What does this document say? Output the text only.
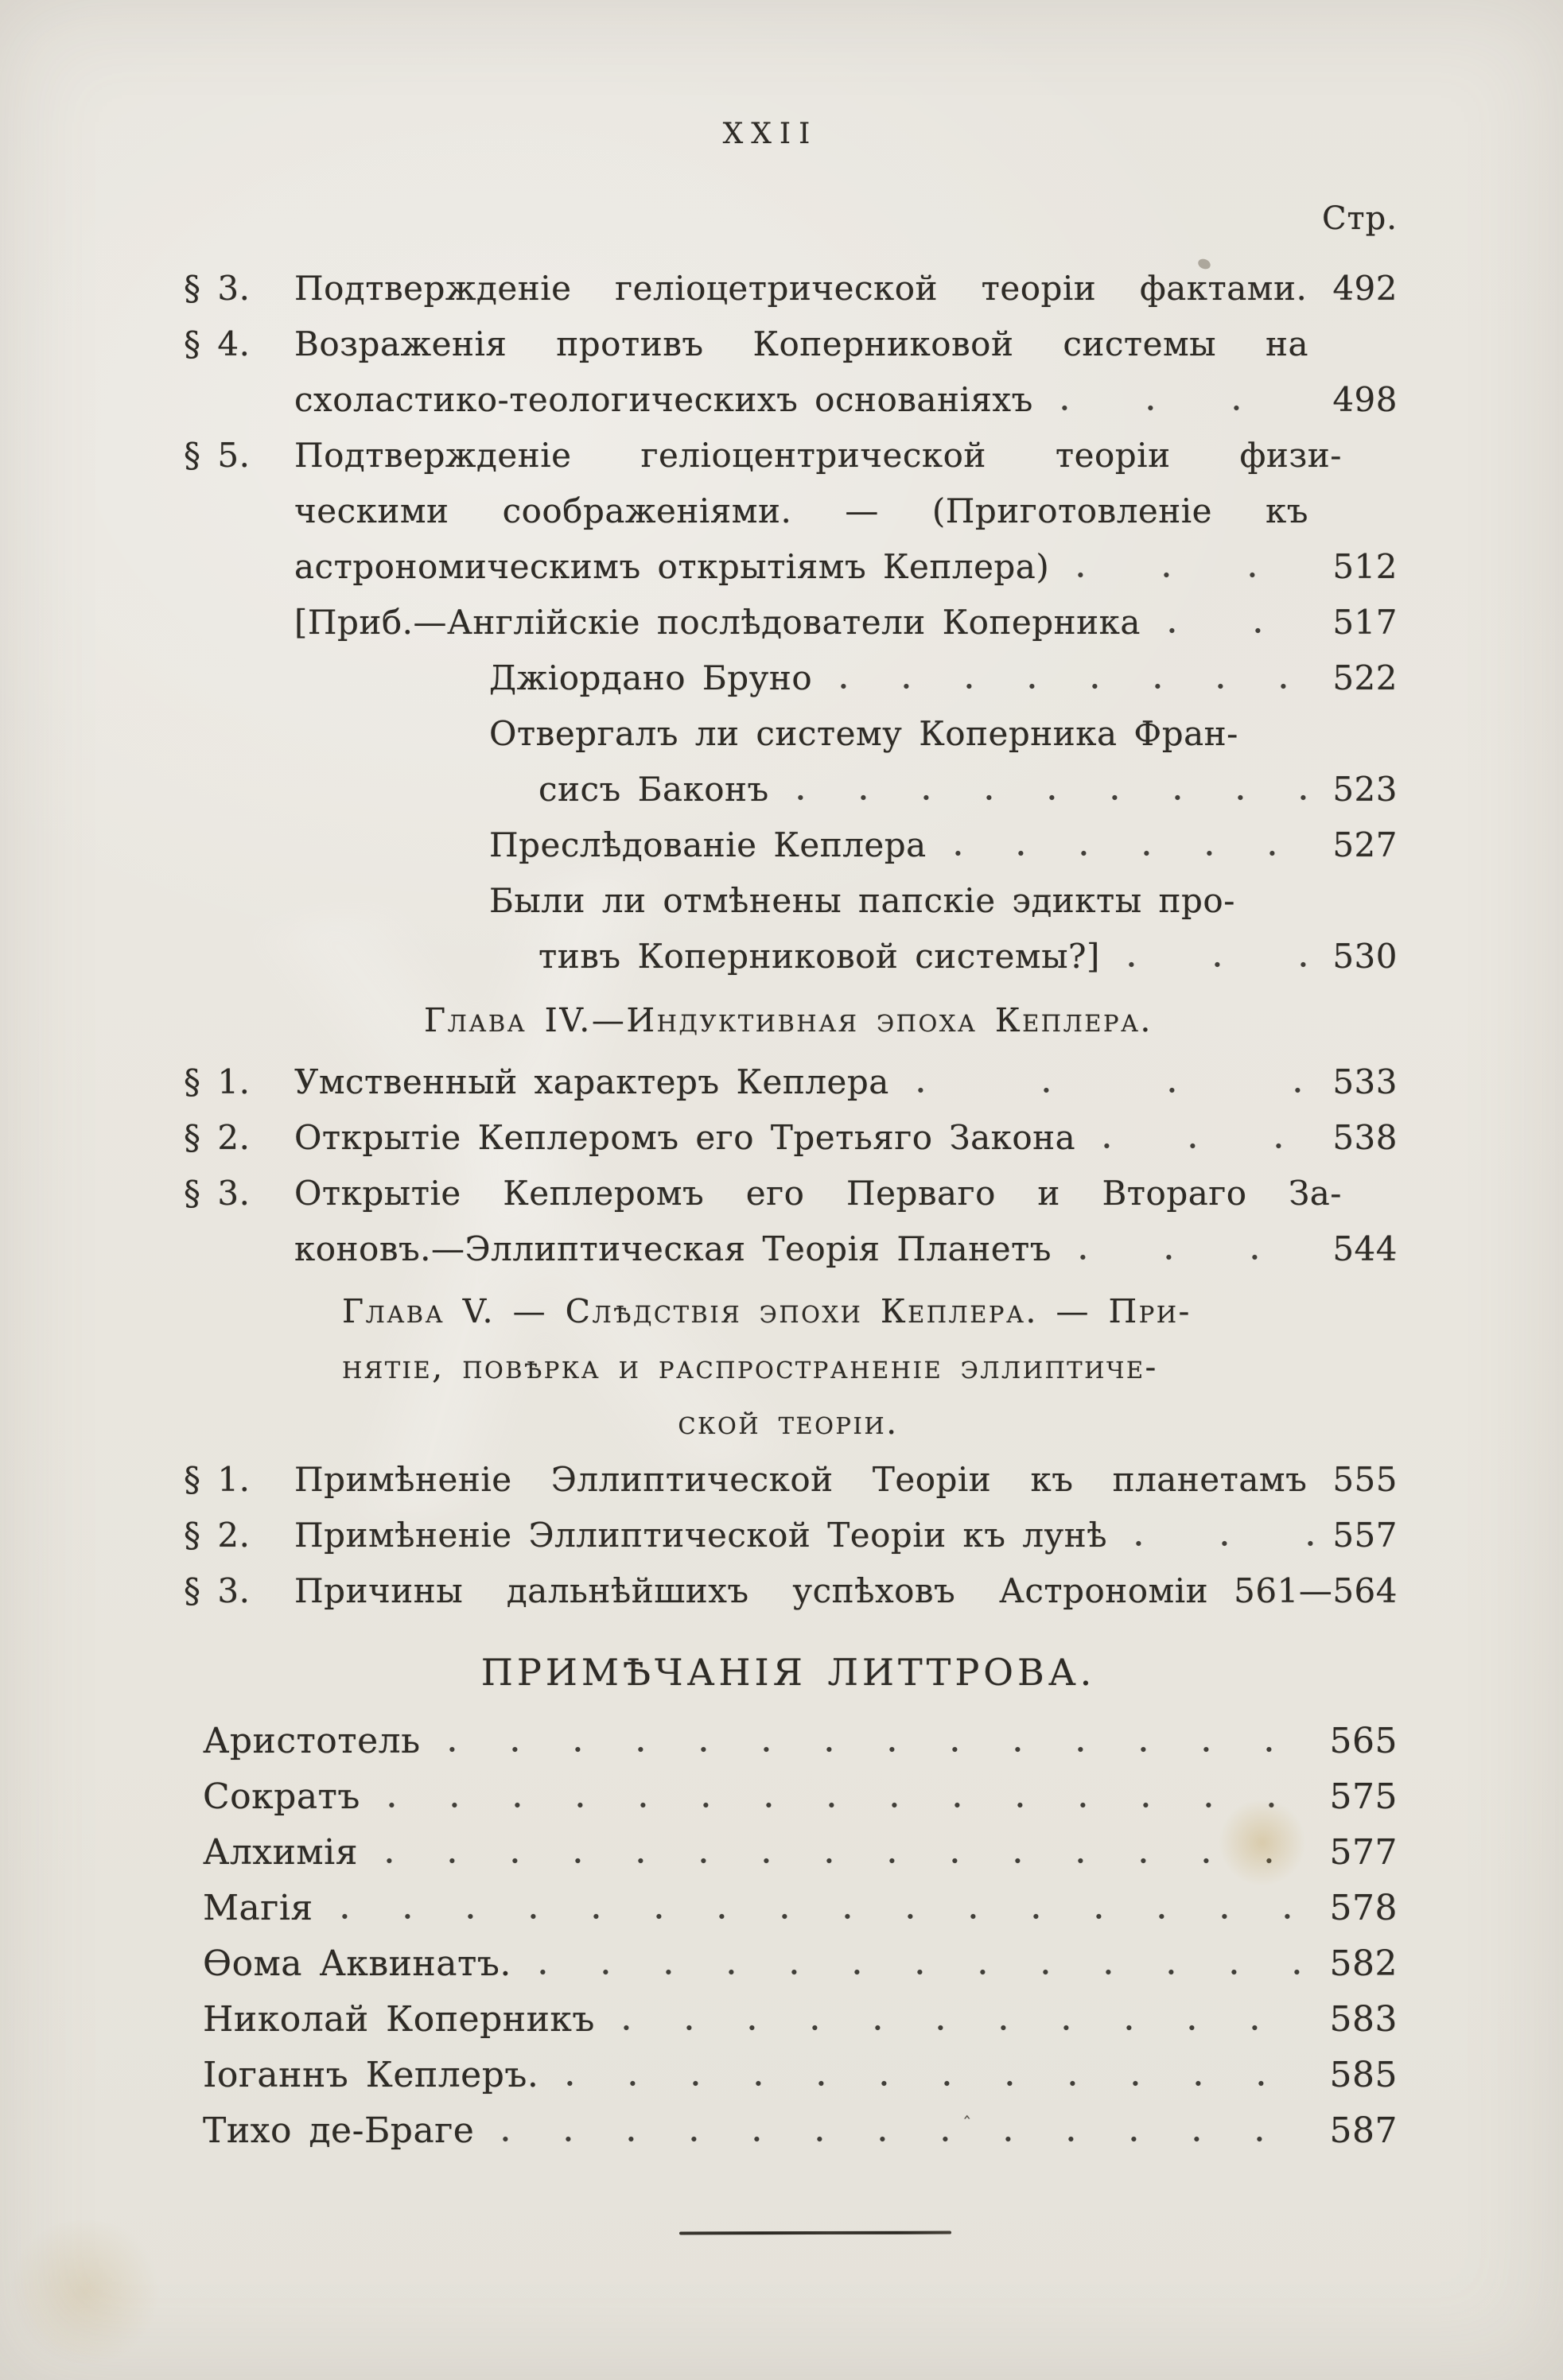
XXII
Стр.
§ 3.	Подтвержденіе геліоцетрической теоріи фактами. 492
§ 4.	Возраженія противъ Коперниковой системы на
схоластико-теологическихъ основаніяхъ	498
§ 5.	Подтвержденіе геліоцентрической теоріи физи-
ческими соображеніями. — (Приготовленіе къ
астрономическимъ открытіямъ Кеплера)	512
[Приб.—Англійскіе послѣдователи Коперника	517
Джіордано Бруно	522
Отвергалъ ли систему Коперника Фран-
сисъ Баконъ	523
Преслѣдованіе Кеплера	527
Были ли отмѣнены папскіе эдикты про-
тивъ Коперниковой системы?]	530
Глава IV.—Индуктивная эпоха Кеплера.
§ 1.	Умственный характеръ Кеплера	533
§ 2.	Открытіе Кеплеромъ его Третьяго Закона	538
§ 3.	Открытіе Кеплеромъ его Перваго и Втораго За-
коновъ.—Эллиптическая Теорія Планетъ	544
Глава V. — Слѣдствія эпохи Кеплера. — При-
нятіе, повѣрка и распространеніе эллиптиче-
ской теоріи.
§ 1.	Примѣненіе Эллиптической Теоріи къ планетамъ 555
§ 2.	Примѣненіе Эллиптической Теоріи къ лунѣ	557
§ 3.	Причины дальнѣйшихъ успѣховъ Астрономіи 561—564
ПРИМѢЧАНІЯ ЛИТТРОВА.
Аристотель	565
Сократъ	575
Алхимія	577
Магія	578
Ѳома Аквинатъ.	582
Николай Коперникъ	583
Іоганнъ Кеплеръ.	585
Тихо де-Браге	587
‸
